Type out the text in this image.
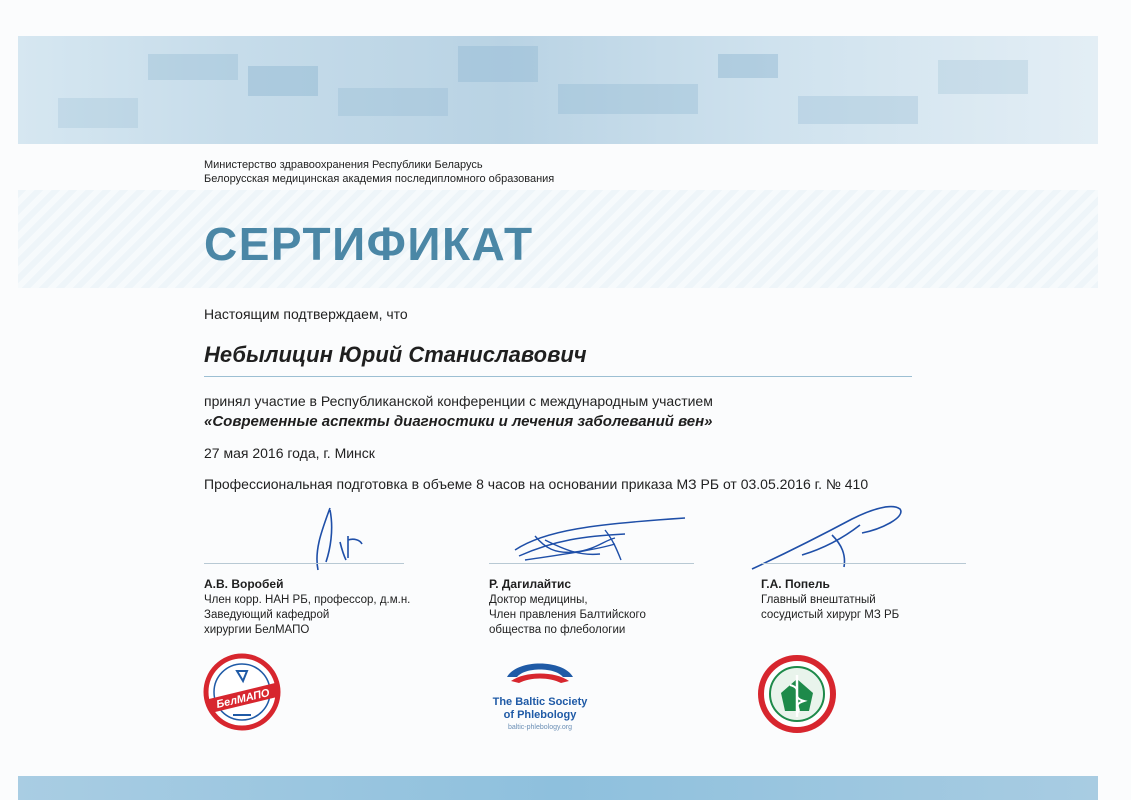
Министерство здравоохранения Республики Беларусь
Белорусская медицинская академия последипломного образования
СЕРТИФИКАТ
Настоящим подтверждаем, что
Небылицин Юрий Станиславович
принял участие в Республиканской конференции с международным участием
«Современные аспекты диагностики и лечения заболеваний вен»
27 мая 2016 года, г. Минск
Профессиональная подготовка в объеме 8 часов на основании приказа МЗ РБ от 03.05.2016 г. № 410
А.В. Воробей
Член корр. НАН РБ, профессор, д.м.н.
Заведующий кафедрой
хирургии БелМАПО
Р. Дагилайтис
Доктор медицины,
Член правления Балтийского
общества по флебологии
Г.А. Попель
Главный внештатный
сосудистый хирург МЗ РБ
БелМАПО	The Baltic Society
of Phlebology
baltic-phlebology.org
